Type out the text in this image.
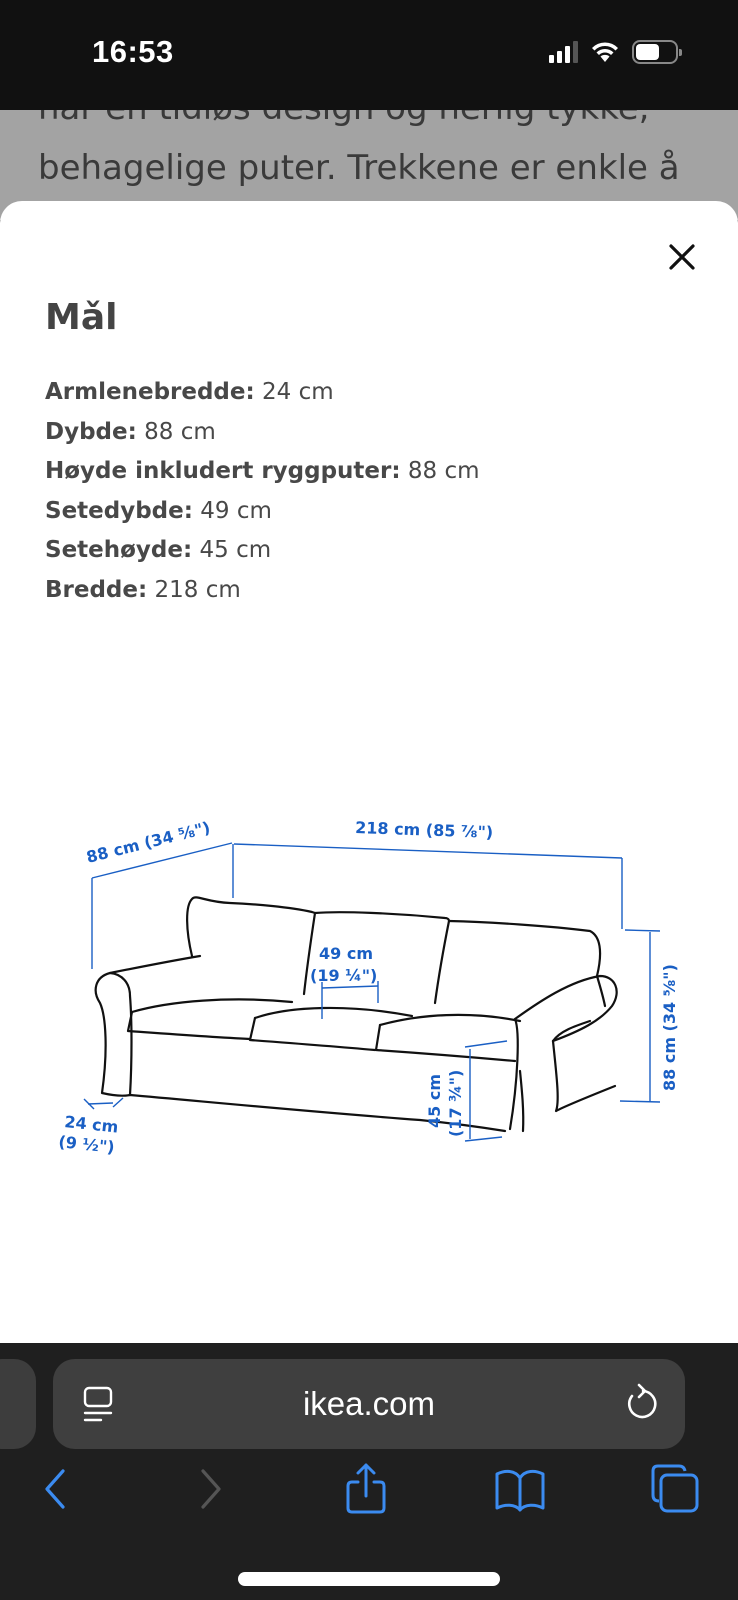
16:53
behagelige puter. Trekkene er enkle å
Mǎl
Armlenebredde: 24 cm
Dybde: 88 cm
Høyde inkludert ryggputer: 88 cm
Setedybde: 49 cm
Setehøyde: 45 cm
Bredde: 218 cm
88 cm (34 ⅝")	218 cm (85 ⅞")
88 cm (34 ⅝")
49 cm
(19 ¼")
45 cm (17 ¾")
24 cm
(9 ½")
ikea.com
